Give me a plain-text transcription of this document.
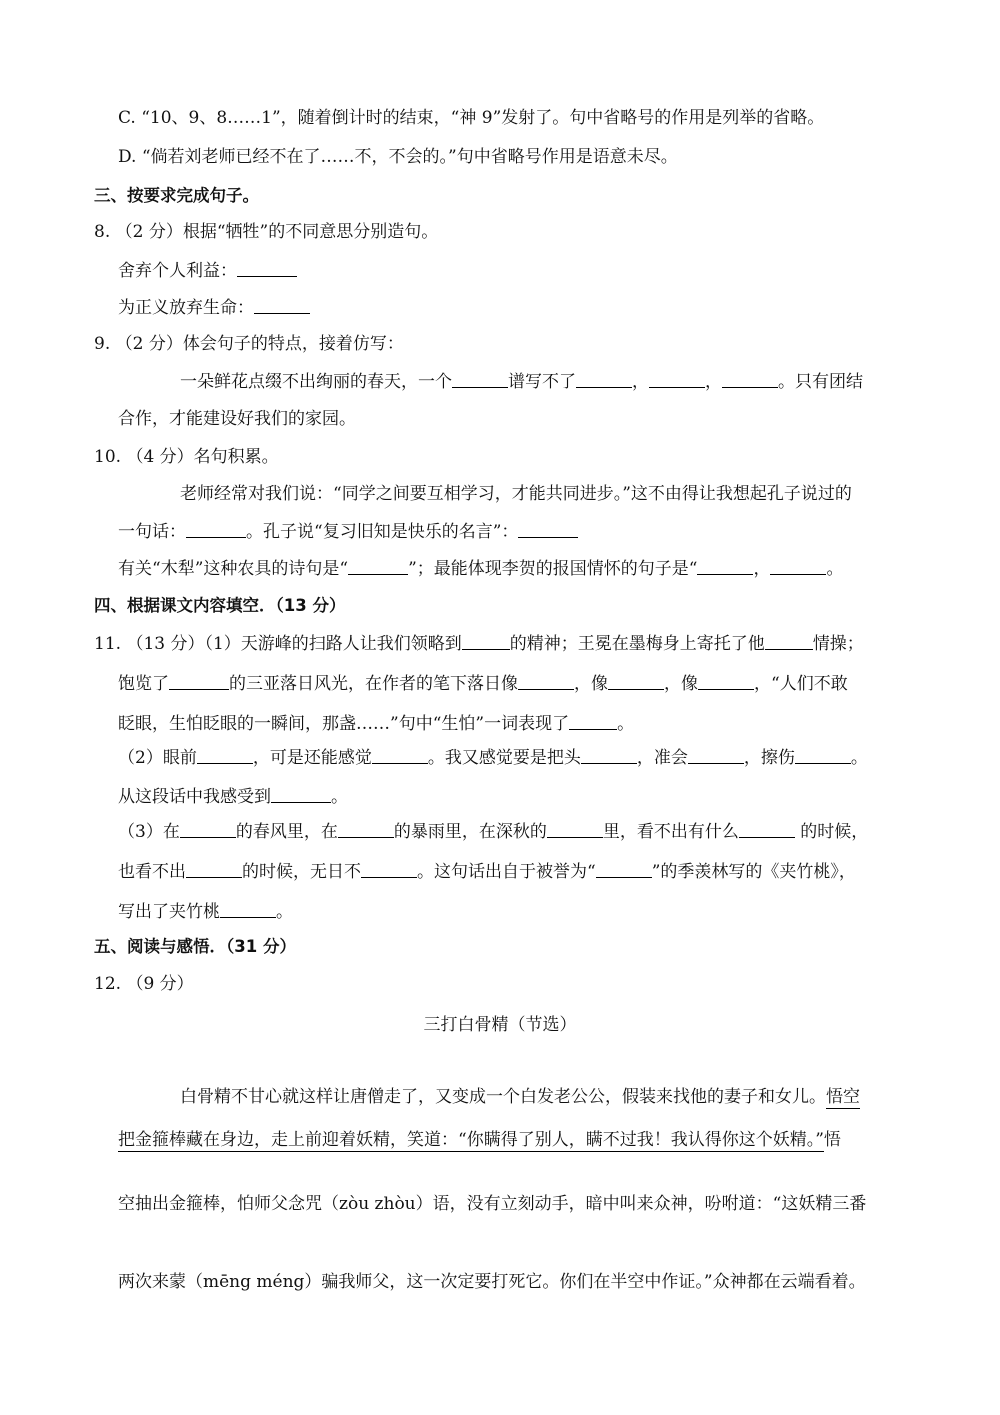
C. “10、9、8……1”，随着倒计时的结束，“神 9”发射了。句中省略号的作用是列举的省略。
D. “倘若刘老师已经不在了……不，不会的。”句中省略号作用是语意未尽。
三、按要求完成句子。
8. （2 分）根据“牺牲”的不同意思分别造句。
舍弃个人利益：
为正义放弃生命：
9. （2 分）体会句子的特点，接着仿写：
一朵鲜花点缀不出绚丽的春天，一个	谱写不了	，	，	。只有团结
合作，才能建设好我们的家园。
10. （4 分）名句积累。
老师经常对我们说：“同学之间要互相学习，才能共同进步。”这不由得让我想起孔子说过的
一句话：	。孔子说“复习旧知是快乐的名言”：
有关“木犁”这种农具的诗句是“	”；最能体现李贺的报国情怀的句子是“	，	。
四、根据课文内容填空．（13 分）
11. （13 分）（1）天游峰的扫路人让我们领略到	的精神；王冕在墨梅身上寄托了他	情操；
饱览了	的三亚落日风光，在作者的笔下落日像	，像	，像	，“人们不敢
眨眼，生怕眨眼的一瞬间，那盏……”句中“生怕”一词表现了	。
（2）眼前	，可是还能感觉	。我又感觉要是把头	，准会	，擦伤	。
从这段话中我感受到	。
（3）在	的春风里，在	的暴雨里，在深秋的	里，看不出有什么	的时候，
也看不出	的时候，无日不	。这句话出自于被誉为“	”的季羡林写的《夹竹桃》，
写出了夹竹桃	。
五、阅读与感悟．（31 分）
12. （9 分）
三打白骨精（节选）
白骨精不甘心就这样让唐僧走了，又变成一个白发老公公，假装来找他的妻子和女儿。悟空
把金箍棒藏在身边，走上前迎着妖精，笑道：“你瞒得了别人，瞒不过我！我认得你这个妖精。”悟
空抽出金箍棒，怕师父念咒（zòu zhòu）语，没有立刻动手，暗中叫来众神，吩咐道：“这妖精三番
两次来蒙（mēng méng）骗我师父，这一次定要打死它。你们在半空中作证。”众神都在云端看着。
